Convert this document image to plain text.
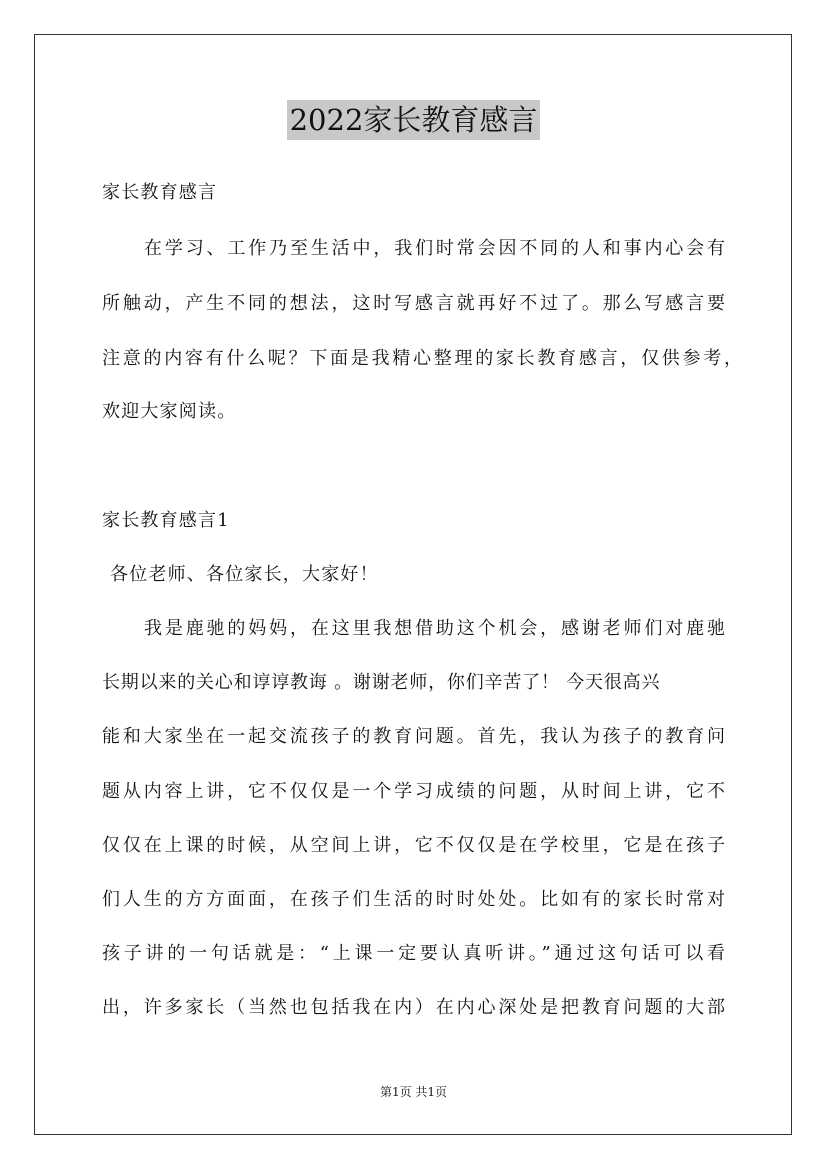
2022家长教育感言
家长教育感言
在学习、工作乃至生活中，我们时常会因不同的人和事内心会有
所触动，产生不同的想法，这时写感言就再好不过了。那么写感言要
注意的内容有什么呢？下面是我精心整理的家长教育感言，仅供参考，
欢迎大家阅读。
家长教育感言1
各位老师、各位家长，大家好！
我是鹿驰的妈妈，在这里我想借助这个机会，感谢老师们对鹿驰
长期以来的关心和谆谆教诲 。谢谢老师，你们辛苦了！ 今天很高兴
能和大家坐在一起交流孩子的教育问题。首先，我认为孩子的教育问
题从内容上讲，它不仅仅是一个学习成绩的问题，从时间上讲，它不
仅仅在上课的时候，从空间上讲，它不仅仅是在学校里，它是在孩子
们人生的方方面面，在孩子们生活的时时处处。比如有的家长时常对
孩子讲的一句话就是：“上课一定要认真听讲。”通过这句话可以看
出，许多家长（当然也包括我在内）在内心深处是把教育问题的大部
第1页 共1页
